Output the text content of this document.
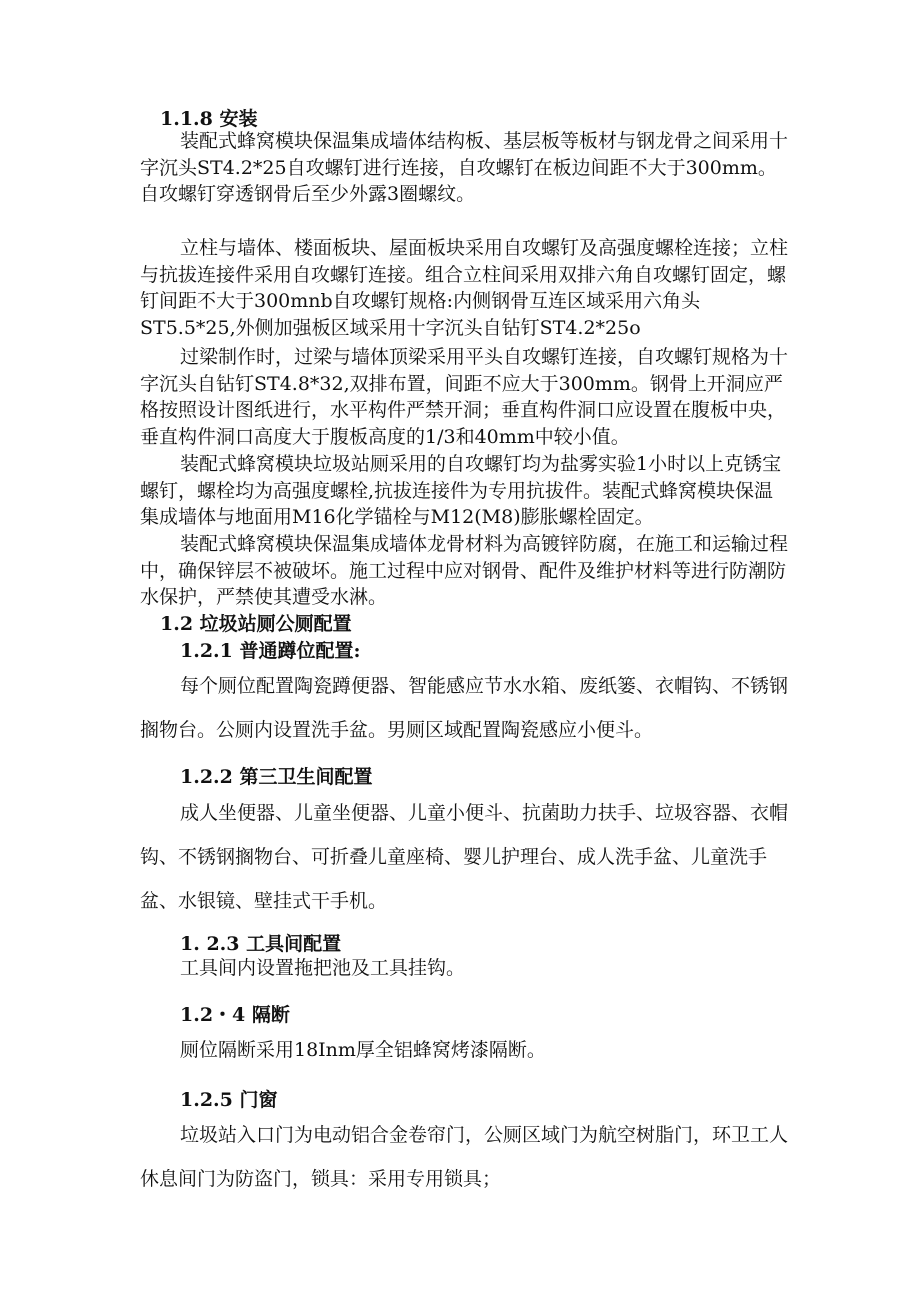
1.1.8 安装

装配式蜂窝模块保温集成墙体结构板、基层板等板材与钢龙骨之间采用十字沉头ST4.2*25自攻螺钉进行连接，自攻螺钉在板边间距不大于300mm。自攻螺钉穿透钢骨后至少外露3圈螺纹。

立柱与墙体、楼面板块、屋面板块采用自攻螺钉及高强度螺栓连接；立柱与抗拔连接件采用自攻螺钉连接。组合立柱间采用双排六角自攻螺钉固定，螺钉间距不大于300mnb自攻螺钉规格:内侧钢骨互连区域采用六角头ST5.5*25,外侧加强板区域采用十字沉头自钻钉ST4.2*25o

过梁制作时，过梁与墙体顶梁采用平头自攻螺钉连接，自攻螺钉规格为十字沉头自钻钉ST4.8*32,双排布置，间距不应大于300mm。钢骨上开洞应严格按照设计图纸进行，水平构件严禁开洞；垂直构件洞口应设置在腹板中央，垂直构件洞口高度大于腹板高度的1/3和40mm中较小值。

装配式蜂窝模块垃圾站厕采用的自攻螺钉均为盐雾实验1小时以上克锈宝螺钉，螺栓均为高强度螺栓,抗拔连接件为专用抗拔件。装配式蜂窝模块保温集成墙体与地面用M16化学锚栓与M12(M8)膨胀螺栓固定。

装配式蜂窝模块保温集成墙体龙骨材料为高镀锌防腐，在施工和运输过程中，确保锌层不被破坏。施工过程中应对钢骨、配件及维护材料等进行防潮防水保护，严禁使其遭受水淋。

1.2 垃圾站厕公厕配置
1.2.1 普通蹲位配置:

每个厕位配置陶瓷蹲便器、智能感应节水水箱、废纸篓、衣帽钩、不锈钢搁物台。公厕内设置洗手盆。男厕区域配置陶瓷感应小便斗。

1.2.2 第三卫生间配置

成人坐便器、儿童坐便器、儿童小便斗、抗菌助力扶手、垃圾容器、衣帽钩、不锈钢搁物台、可折叠儿童座椅、婴儿护理台、成人洗手盆、儿童洗手盆、水银镜、壁挂式干手机。

1. 2.3 工具间配置

工具间内设置拖把池及工具挂钩。

1.2・4 隔断

厕位隔断采用18Inm厚全铝蜂窝烤漆隔断。

1.2.5 门窗

垃圾站入口门为电动铝合金卷帘门，公厕区域门为航空树脂门，环卫工人休息间门为防盗门，锁具：采用专用锁具；
